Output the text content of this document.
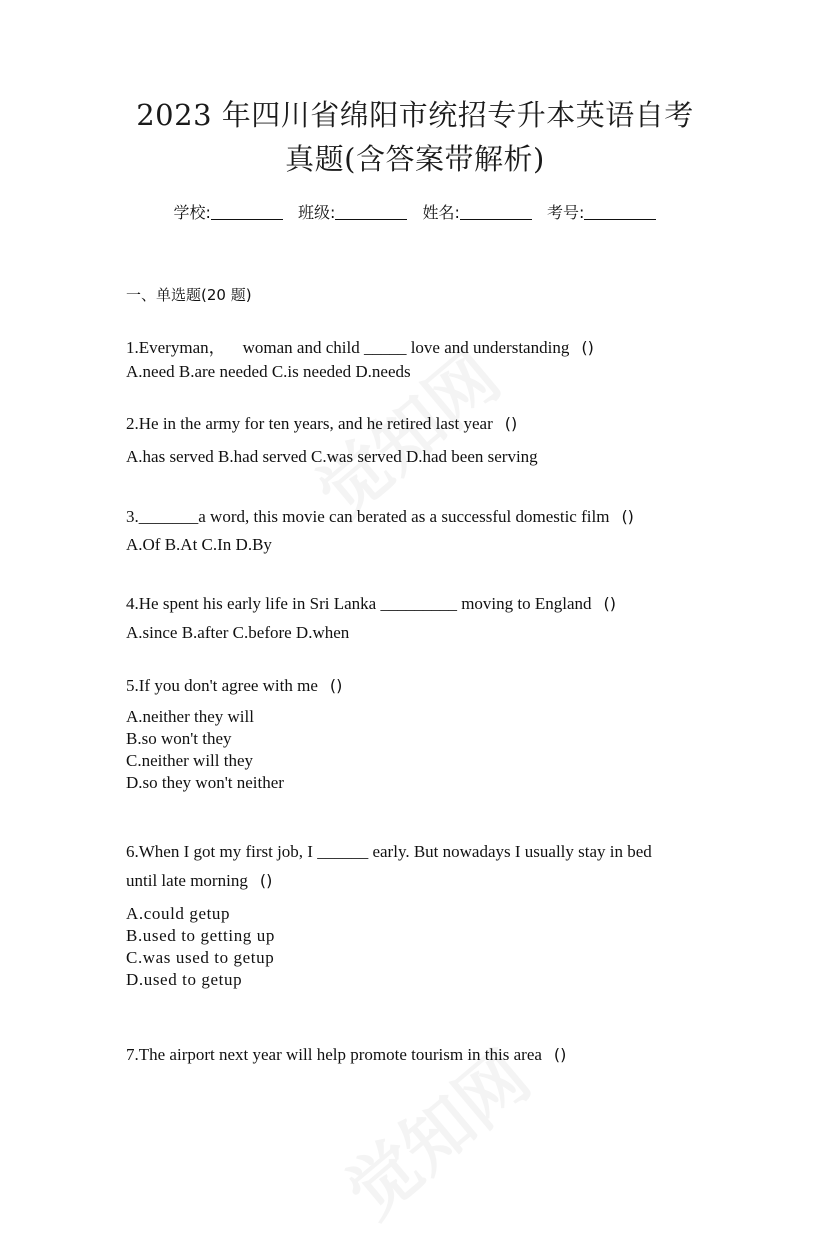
2023 年四川省绵阳市统招专升本英语自考
真题(含答案带解析)
学校:	班级:	姓名:	考号:
一、单选题(20 题)
1.Everyman， woman and child _____ love and understanding ()
A.need B.are needed C.is needed D.needs
2.He in the army for ten years, and he retired last year ()
A.has served B.had served C.was served D.had been serving
3._______a word, this movie can berated as a successful domestic film ()
A.Of B.At C.In D.By
4.He spent his early life in Sri Lanka _________ moving to England ()
A.since B.after C.before D.when
5.If you don't agree with me ()
A.neither they will
B.so won't they
C.neither will they
D.so they won't neither
6.When I got my first job, I ______ early. But nowadays I usually stay in bed
until late morning ()
A.could getup
B.used to getting up
C.was used to getup
D.used to getup
7.The airport next year will help promote tourism in this area ()
